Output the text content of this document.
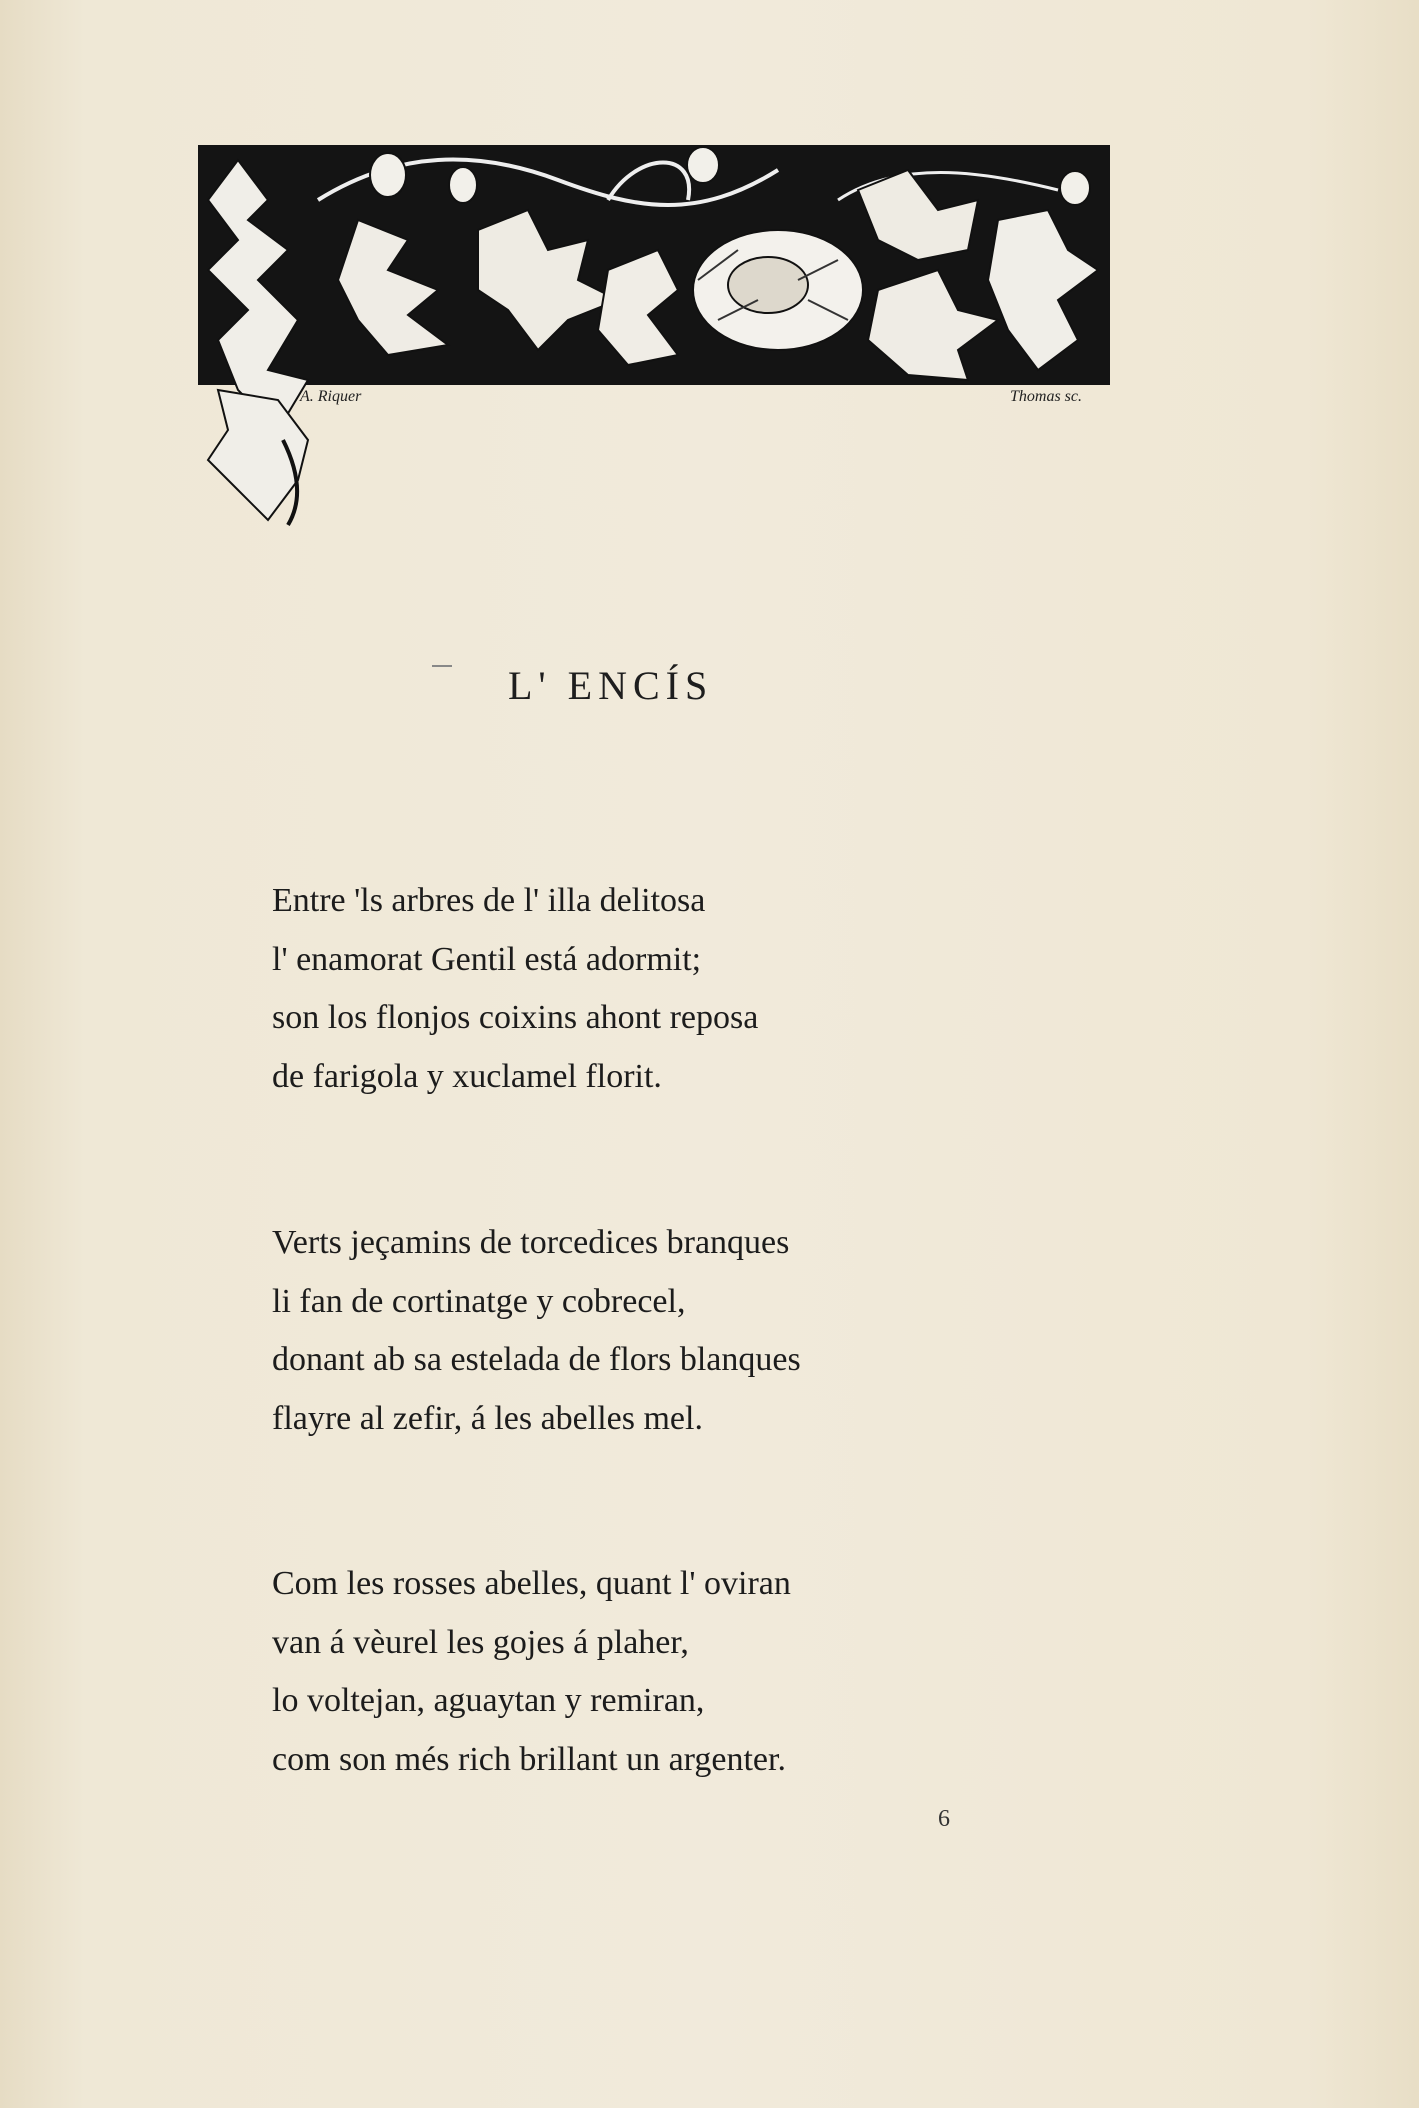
A. Riquer	Thomas sc.
L' ENCÍS
Entre 'ls arbres de l' illa delitosa
l' enamorat Gentil está adormit;
son los flonjos coixins ahont reposa
de farigola y xuclamel florit.
Verts jeçamins de torcedices branques
li fan de cortinatge y cobrecel,
donant ab sa estelada de flors blanques
flayre al zefir, á les abelles mel.
Com les rosses abelles, quant l' oviran
van á vèurel les gojes á plaher,
lo voltejan, aguaytan y remiran,
com son més rich brillant un argenter.
6
